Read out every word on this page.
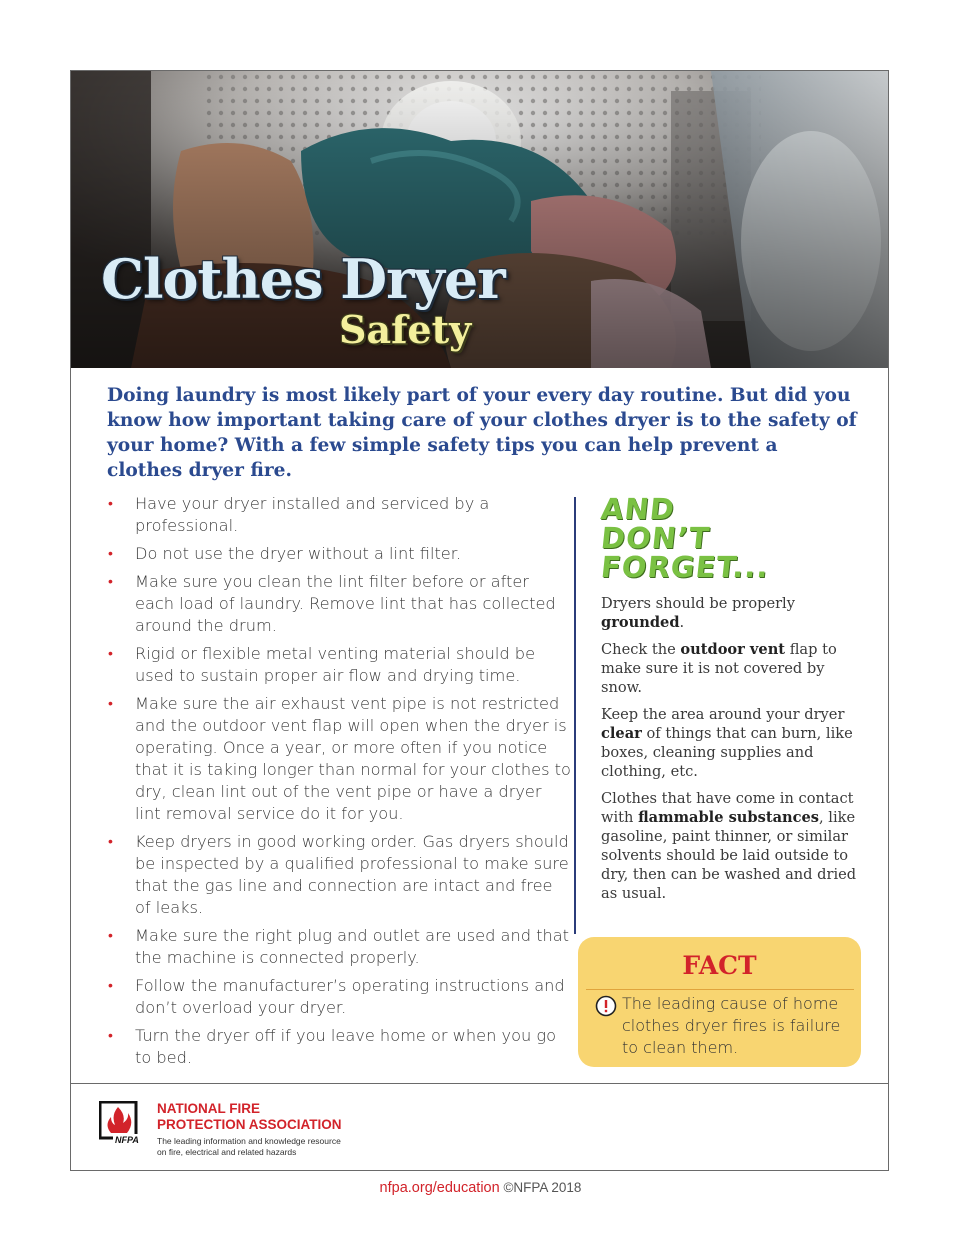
Clothes Dryer
Safety
Doing laundry is most likely part of your every day routine. But did you know how important taking care of your clothes dryer is to the safety of your home? With a few simple safety tips you can help prevent a clothes dryer fire.
• Have your dryer installed and serviced by a professional.
• Do not use the dryer without a lint filter.
• Make sure you clean the lint filter before or after each load of laundry. Remove lint that has collected around the drum.
• Rigid or flexible metal venting material should be used to sustain proper air flow and drying time.
• Make sure the air exhaust vent pipe is not restricted and the outdoor vent flap will open when the dryer is operating. Once a year, or more often if you notice that it is taking longer than normal for your clothes to dry, clean lint out of the vent pipe or have a dryer lint removal service do it for you.
• Keep dryers in good working order. Gas dryers should be inspected by a qualified professional to make sure that the gas line and connection are intact and free of leaks.
• Make sure the right plug and outlet are used and that the machine is connected properly.
• Follow the manufacturer’s operating instructions and don’t overload your dryer.
• Turn the dryer off if you leave home or when you go to bed.
AND
DON’T
FORGET...

Dryers should be properly grounded.

Check the outdoor vent flap to make sure it is not covered by snow.

Keep the area around your dryer clear of things that can burn, like boxes, cleaning supplies and clothing, etc.

Clothes that have come in contact with flammable substances, like gasoline, paint thinner, or similar solvents should be laid outside to dry, then can be washed and dried as usual.

FACT
The leading cause of home clothes dryer fires is failure to clean them.
NFPA
NATIONAL FIRE
PROTECTION ASSOCIATION
The leading information and knowledge resource
on fire, electrical and related hazards
nfpa.org/education ©NFPA 2018
